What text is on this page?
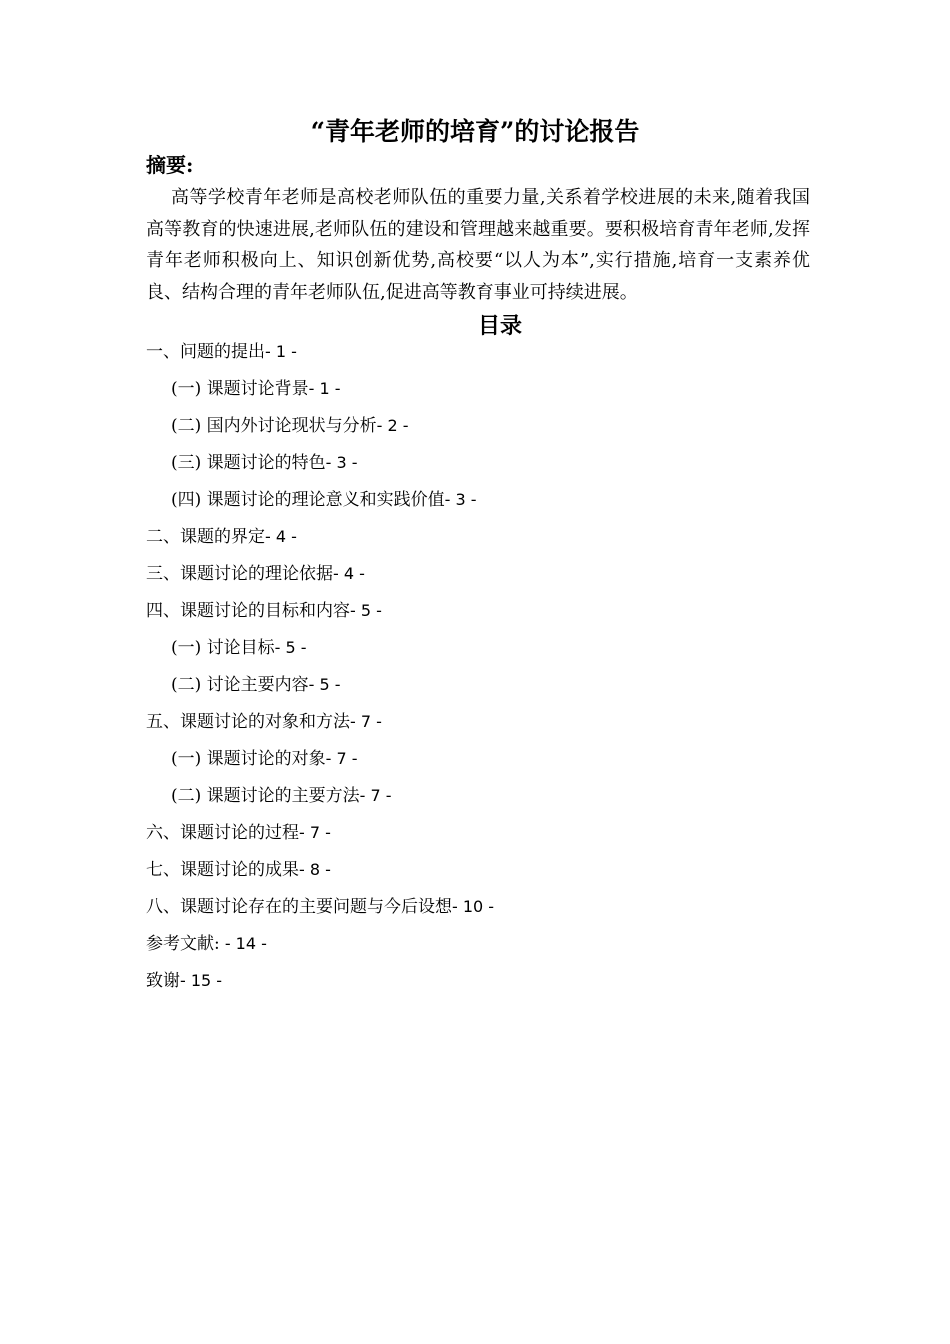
“青年老师的培育”的讨论报告
摘要:

高等学校青年老师是高校老师队伍的重要力量,关系着学校进展的未来,随着我国高等教育的快速进展,老师队伍的建设和管理越来越重要。要积极培育青年老师,发挥青年老师积极向上、知识创新优势,高校要“以人为本”,实行措施,培育一支素养优良、结构合理的青年老师队伍,促进高等教育事业可持续进展。

目录
一、问题的提出- 1 -
(一) 课题讨论背景- 1 -
(二) 国内外讨论现状与分析- 2 -
(三) 课题讨论的特色- 3 -
(四) 课题讨论的理论意义和实践价值- 3 -
二、课题的界定- 4 -
三、课题讨论的理论依据- 4 -
四、课题讨论的目标和内容- 5 -
(一) 讨论目标- 5 -
(二) 讨论主要内容- 5 -
五、课题讨论的对象和方法- 7 -
(一) 课题讨论的对象- 7 -
(二) 课题讨论的主要方法- 7 -
六、课题讨论的过程- 7 -
七、课题讨论的成果- 8 -
八、课题讨论存在的主要问题与今后设想- 10 -
参考文献: - 14 -
致谢- 15 -
